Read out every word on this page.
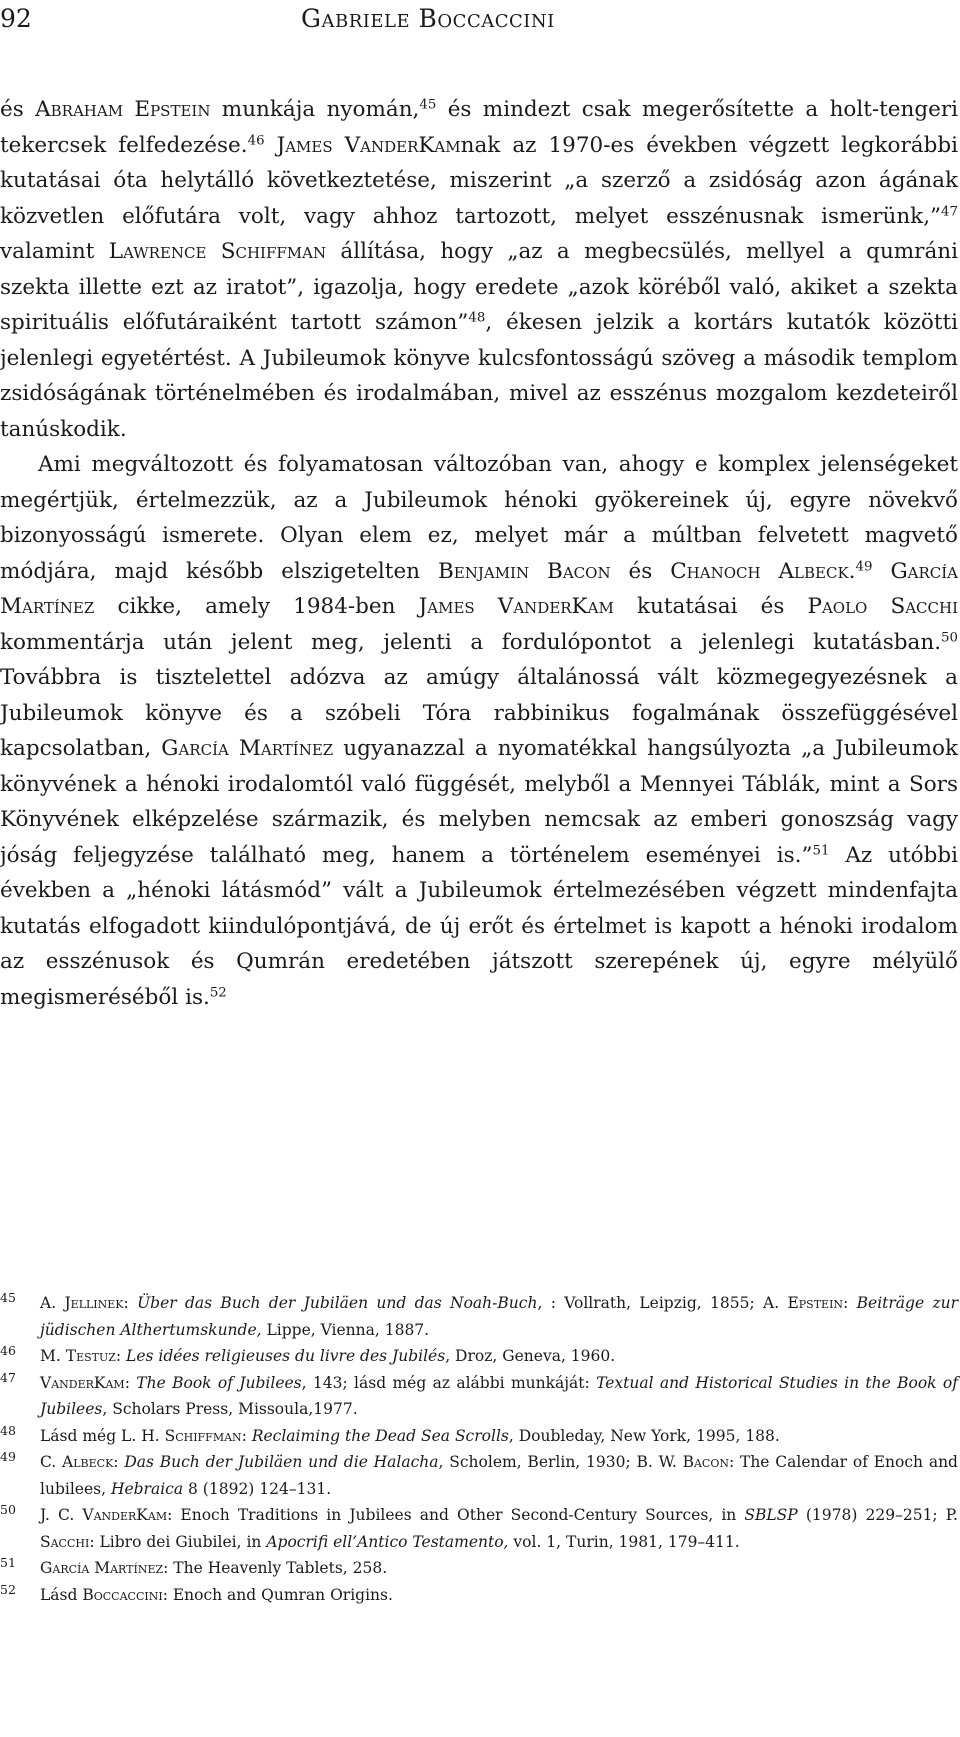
92	Gabriele Boccaccini

és Abraham Epstein munkája nyomán,$^{45}$ és mindezt csak megerősítette a holt-tengeri tekercsek felfedezése.$^{46}$ James VanderKamnak az 1970-es években végzett legkorábbi kutatásai óta helytálló következtetése, miszerint „a szerző a zsidóság azon ágának közvetlen előfutára volt, vagy ahhoz tartozott, melyet esszénusnak ismerünk,”$^{47}$ valamint Lawrence Schiffman állítása, hogy „az a megbecsülés, mellyel a qumráni szekta illette ezt az iratot”, igazolja, hogy eredete „azok köréből való, akiket a szekta spirituális előfutáraiként tartott számon”$^{48}$, ékesen jelzik a kortárs kutatók közötti jelenlegi egyetértést. A Jubileumok könyve kulcsfontosságú szöveg a második templom zsidóságának történelmében és irodalmában, mivel az esszénus mozgalom kezdeteiről tanúskodik.

Ami megváltozott és folyamatosan változóban van, ahogy e komplex jelenségeket megértjük, értelmezzük, az a Jubileumok hénoki gyökereinek új, egyre növekvő bizonyosságú ismerete. Olyan elem ez, melyet már a múltban felvetett magvető módjára, majd később elszigetelten Benjamin Bacon és Chanoch Albeck.$^{49}$ García Martínez cikke, amely 1984-ben James VanderKam kutatásai és Paolo Sacchi kommentárja után jelent meg, jelenti a fordulópontot a jelenlegi kutatásban.$^{50}$ Továbbra is tisztelettel adózva az amúgy általánossá vált közmegegyezésnek a Jubileumok könyve és a szóbeli Tóra rabbinikus fogalmának összefüggésével kapcsolatban, García Martínez ugyanazzal a nyomatékkal hangsúlyozta „a Jubileumok könyvének a hénoki irodalomtól való függését, melyből a Mennyei Táblák, mint a Sors Könyvének elképzelése származik, és melyben nemcsak az emberi gonoszság vagy jóság feljegyzése található meg, hanem a történelem eseményei is.”$^{51}$ Az utóbbi években a „hénoki látásmód” vált a Jubileumok értelmezésében végzett mindenfajta kutatás elfogadott kiindulópontjává, de új erőt és értelmet is kapott a hénoki irodalom az esszénusok és Qumrán eredetében játszott szerepének új, egyre mélyülő megismeréséből is.$^{52}$

45 A. Jellinek: Über das Buch der Jubiläen und das Noah-Buch, : Vollrath, Leipzig, 1855; A. Epstein: Beiträge zur jüdischen Althertumskunde, Lippe, Vienna, 1887.

46 M. Testuz: Les idées religieuses du livre des Jubilés, Droz, Geneva, 1960.

47 VanderKam: The Book of Jubilees, 143; lásd még az alábbi munkáját: Textual and Historical Studies in the Book of Jubilees, Scholars Press, Missoula,1977.

48 Lásd még L. H. Schiffman: Reclaiming the Dead Sea Scrolls, Doubleday, New York, 1995, 188.

49 C. Albeck: Das Buch der Jubiläen und die Halacha, Scholem, Berlin, 1930; B. W. Bacon: The Calendar of Enoch and lubilees, Hebraica 8 (1892) 124–131.

50 J. C. VanderKam: Enoch Traditions in Jubilees and Other Second-Century Sources, in SBLSP (1978) 229–251; P. Sacchi: Libro dei Giubilei, in Apocrifi ell’Antico Testamento, vol. 1, Turin, 1981, 179–411.

51 García Martínez: The Heavenly Tablets, 258.

52 Lásd Boccaccini: Enoch and Qumran Origins.
